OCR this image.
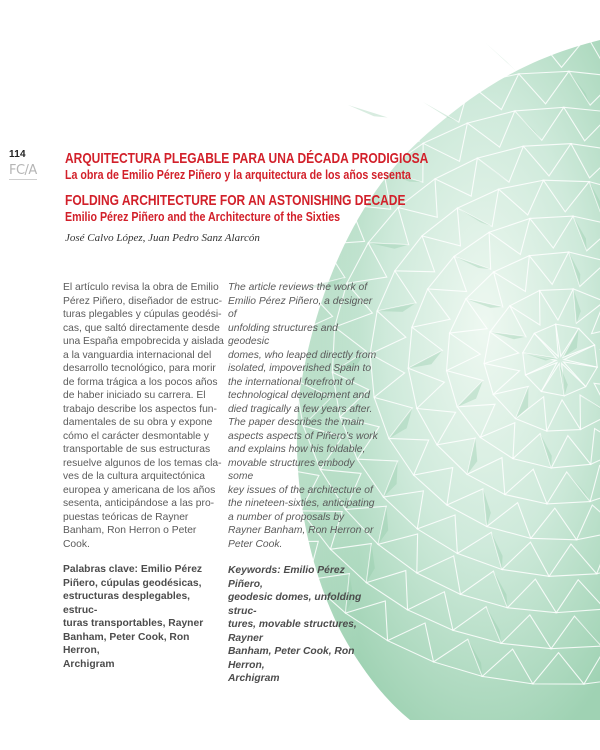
114
FC/A
ARQUITECTURA PLEGABLE PARA UNA DÉCADA PRODIGIOSA
La obra de Emilio Pérez Piñero y la arquitectura de los años sesenta
FOLDING ARCHITECTURE FOR AN ASTONISHING DECADE
Emilio Pérez Piñero and the Architecture of the Sixties
José Calvo López, Juan Pedro Sanz Alarcón

El artículo revisa la obra de Emilio
Pérez Piñero, diseñador de estruc-
turas plegables y cúpulas geodési-
cas, que saltó directamente desde
una España empobrecida y aislada
a la vanguardia internacional del
desarrollo tecnológico, para morir
de forma trágica a los pocos años
de haber iniciado su carrera. El
trabajo describe los aspectos fun-
damentales de su obra y expone
cómo el carácter desmontable y
transportable de sus estructuras
resuelve algunos de los temas cla-
ves de la cultura arquitectónica
europea y americana de los años
sesenta, anticipándose a las pro-
puestas teóricas de Rayner
Banham, Ron Herron o Peter Cook.

Palabras clave: Emilio Pérez
Piñero, cúpulas geodésicas,
estructuras desplegables, estruc-
turas transportables, Rayner
Banham, Peter Cook, Ron Herron,
Archigram

The article reviews the work of
Emilio Pérez Piñero, a designer of
unfolding structures and geodesic
domes, who leaped directly from
isolated, impoverished Spain to
the international forefront of
technological development and
died tragically a few years after.
The paper describes the main
aspects aspects of Piñero’s work
and explains how his foldable,
movable structures embody some
key issues of the architecture of
the nineteen-sixties, anticipating
a number of proposals by
Rayner Banham, Ron Herron or
Peter Cook.

Keywords: Emilio Pérez Piñero,
geodesic domes, unfolding struc-
tures, movable structures, Rayner
Banham, Peter Cook, Ron Herron,
Archigram
